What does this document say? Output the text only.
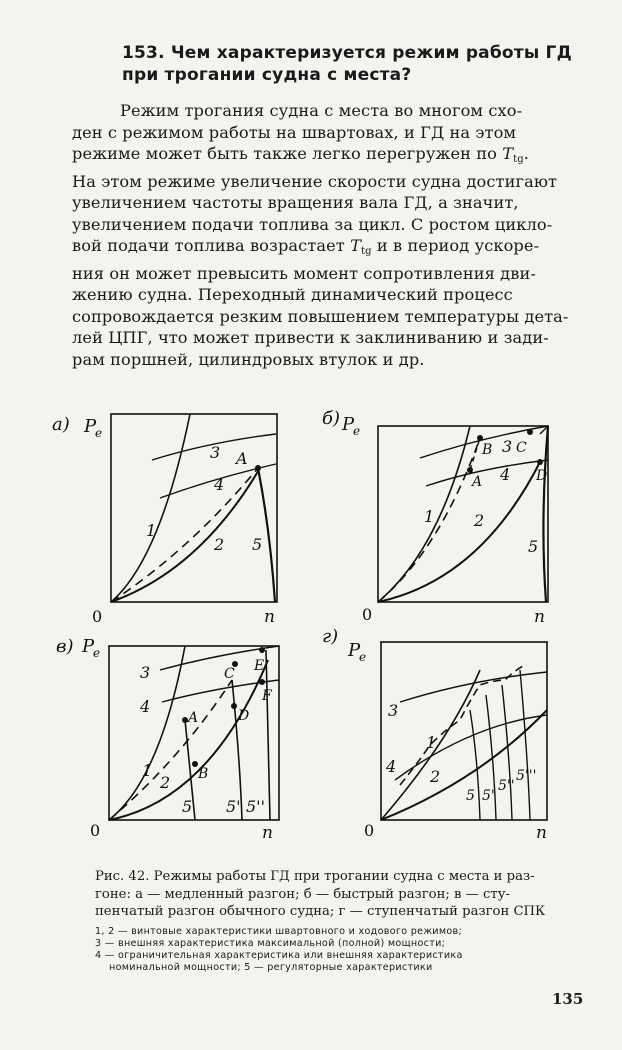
153. Чем характеризуется режим работы ГД
при трогании судна с места?
Режим трогания судна с места во многом схо-
ден с режимом работы на швартовах, и ГД на этом
режиме может быть также легко перегружен по $T_{tg}$.
На этом режиме увеличение скорости судна достигают
увеличением частоты вращения вала ГД, а значит,
увеличением подачи топлива за цикл. С ростом цикло-
вой подачи топлива возрастает $T_{tg}$ и в период ускоре-
ния он может превысить момент сопротивления дви-
жению судна. Переходный динамический процесс
сопровождается резким повышением температуры дета-
лей ЦПГ, что может привести к заклиниванию и зади-
рам поршней, цилиндровых втулок и др.
а) P
e
0	n
1
2
3
4
5
A
б) P
e
0	n
1 2
3
4
5
A
B C
D
в) P
e
0	n
1
2
3
4
5 5' 5''
A
B
C
D
E
F
г)
P
e
0	n
1
2
3
4
5 5'
5''
5'''
Рис. 42. Режимы работы ГД при трогании судна с места и раз-
гоне: а — медленный разгон; б — быстрый разгон; в — сту-
пенчатый разгон обычного судна; г — ступенчатый разгон СПК
1, 2 — винтовые характеристики швартовного и ходового режимов;
3 — внешняя характеристика максимальной (полной) мощности;
4 — ограничительная характеристика или внешняя характеристика
номинальной мощности; 5 — регуляторные характеристики
135
